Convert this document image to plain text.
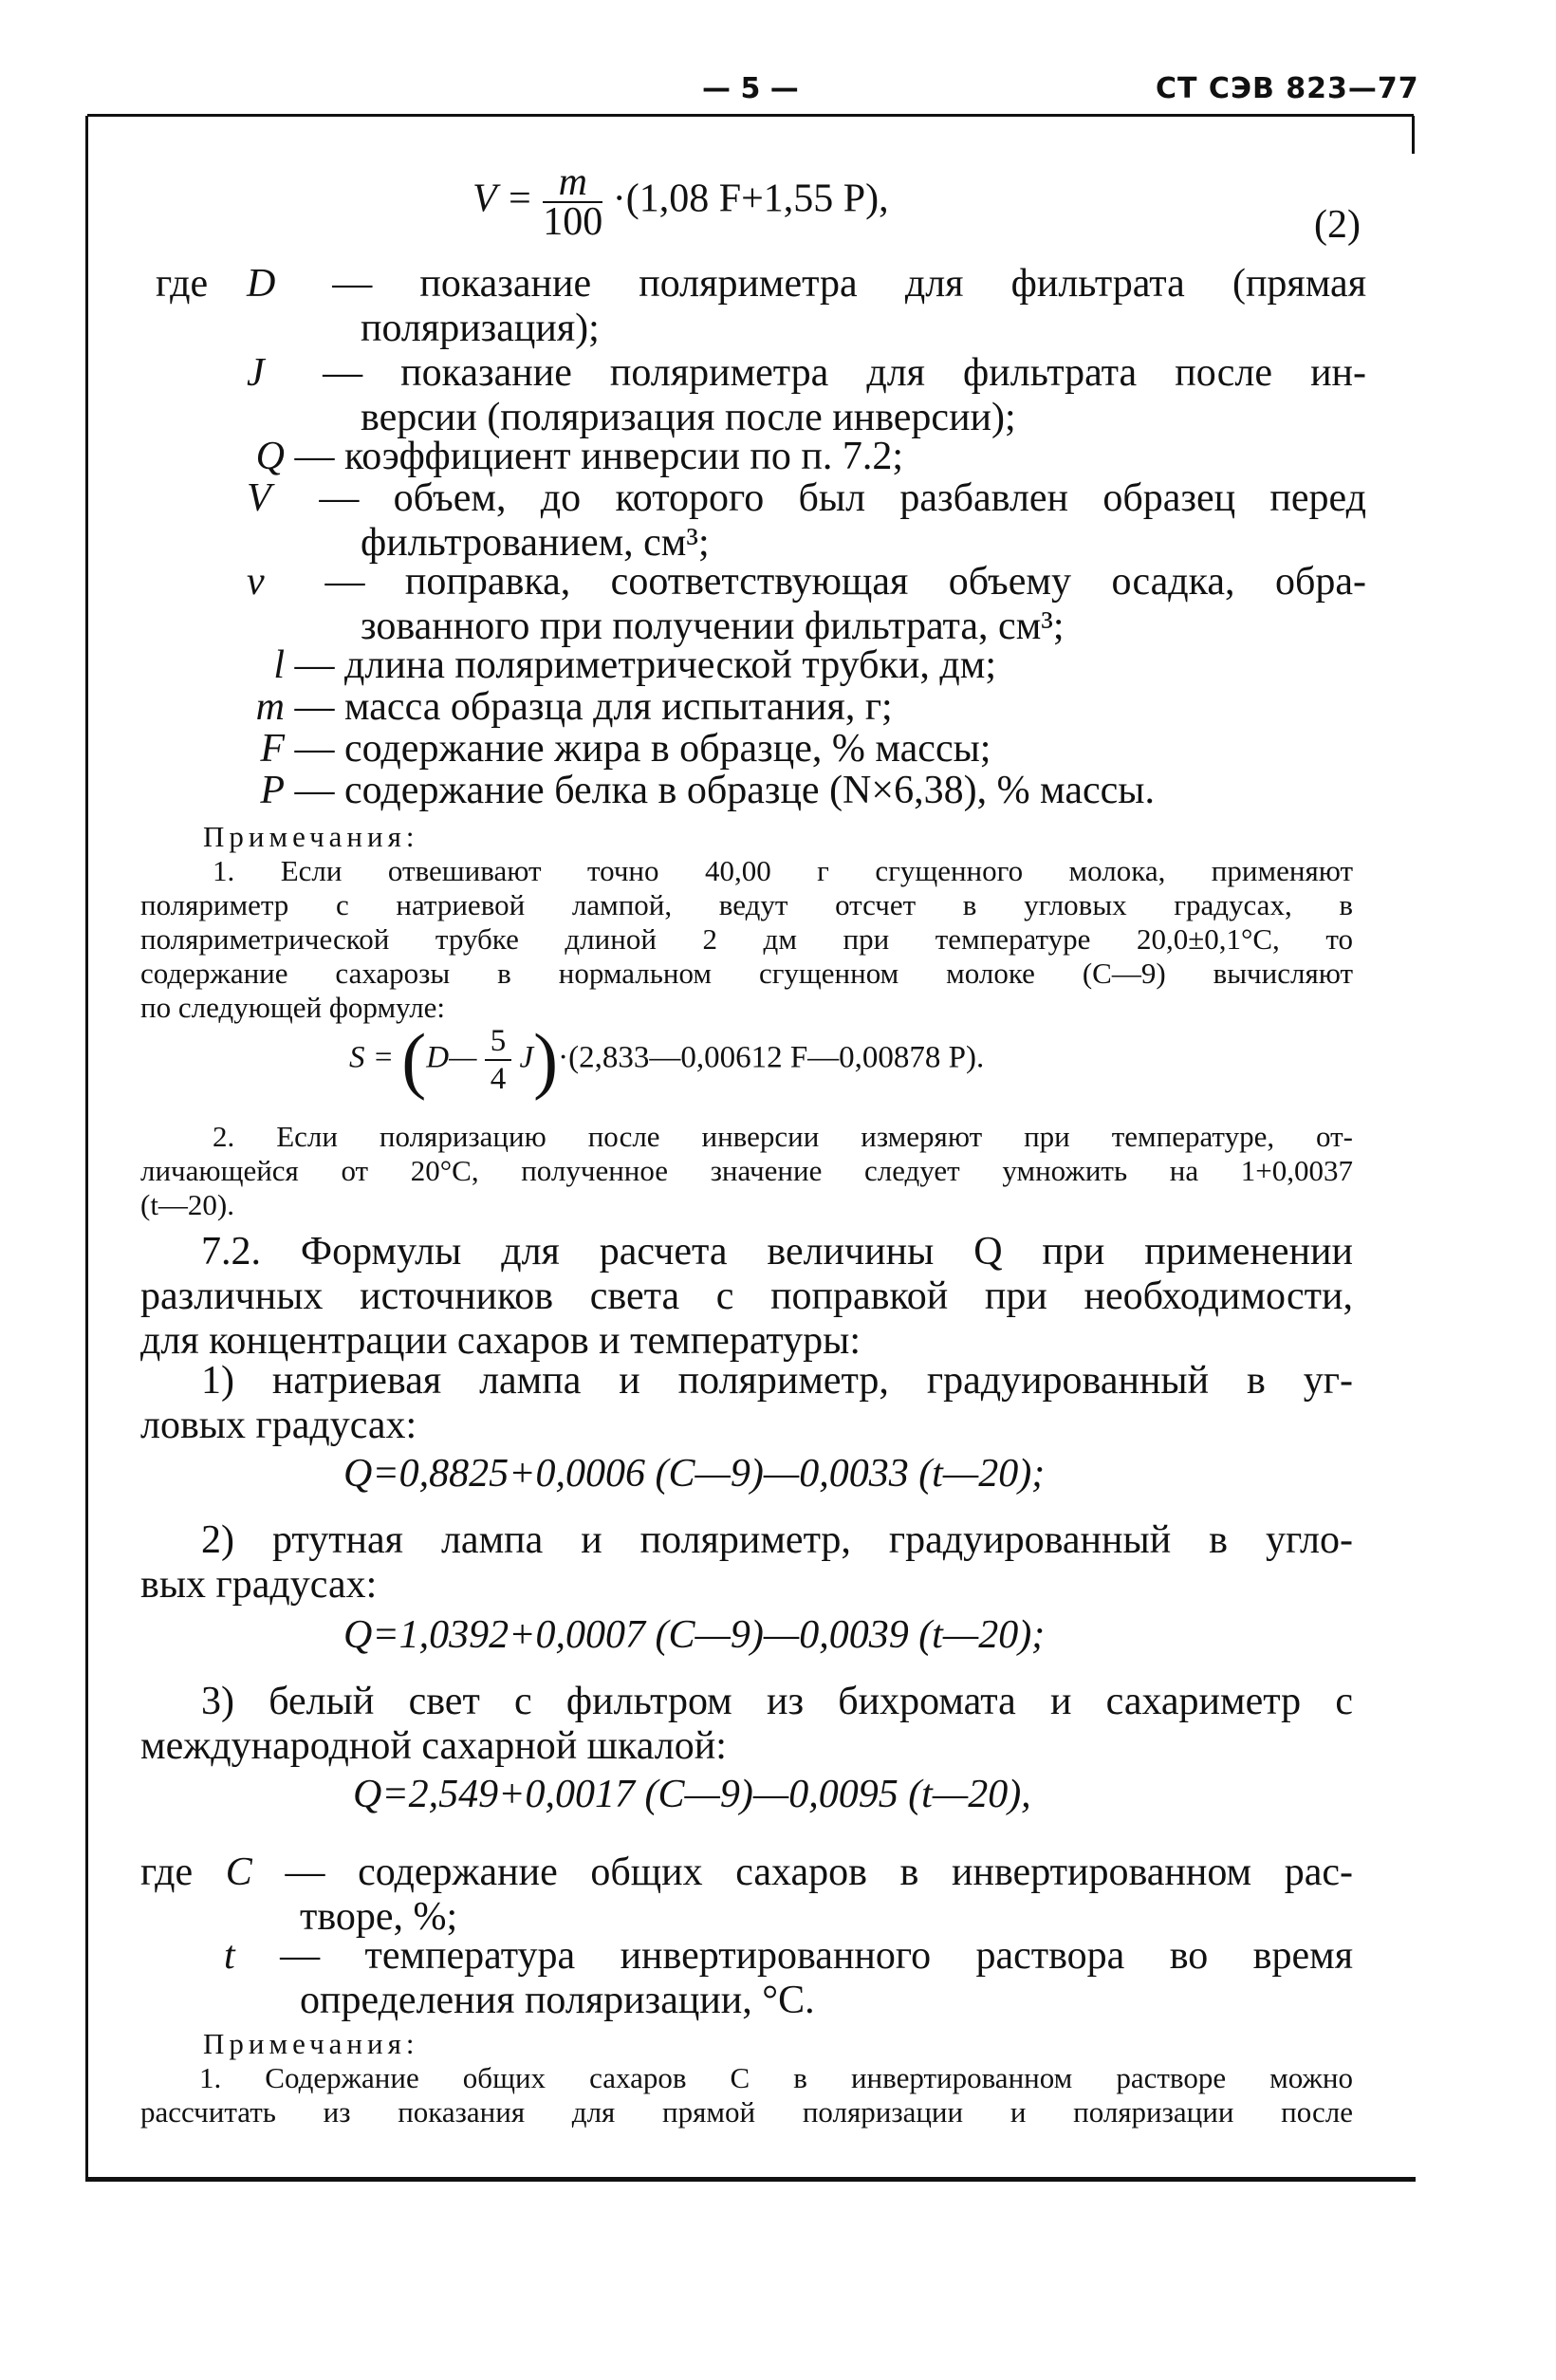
— 5 —	СТ СЭВ 823—77
$V = \frac{m}{100} \cdot(1,08$ F+1,55 P),
(2)
где D — показание поляриметра для фильтрата (прямая
поляризация);
J — показание поляриметра для фильтрата после ин-
версии (поляризация после инверсии);
Q — коэффициент инверсии по п. 7.2;
V — объем, до которого был разбавлен образец перед
фильтрованием, см³;
v — поправка, соответствующая объему осадка, обра-
зованного при получении фильтрата, см³;
l — длина поляриметрической трубки, дм;
m — масса образца для испытания, г;
F — содержание жира в образце, % массы;
P — содержание белка в образце (N×6,38), % массы.
Примечания:
1. Если отвешивают точно 40,00 г сгущенного молока, применяют
поляриметр с натриевой лампой, ведут отсчет в угловых градусах, в
поляриметрической трубке длиной 2 дм при температуре 20,0±0,1°С, то
содержание сахарозы в нормальном сгущенном молоке (С—9) вычисляют
по следующей формуле:
S = (D— $\frac{5}{4}$ J)·(2,833—0,00612 F—0,00878 P).
2. Если поляризацию после инверсии измеряют при температуре, от-
личающейся от 20°С, полученное значение следует умножить на 1+0,0037
(t—20).
7.2. Формулы для расчета величины Q при применении
различных источников света с поправкой при необходимости,
для концентрации сахаров и температуры:
1) натриевая лампа и поляриметр, градуированный в уг-
ловых градусах:
Q=0,8825+0,0006 (C—9)—0,0033 (t—20);
2) ртутная лампа и поляриметр, градуированный в углo-
вых градусах:
Q=1,0392+0,0007 (C—9)—0,0039 (t—20);
3) белый свет с фильтром из бихромата и сахариметр с
международной сахарной шкалой:
Q=2,549+0,0017 (C—9)—0,0095 (t—20),
где C — содержание общих сахаров в инвертированном рас-
творе, %;
t — температура инвертированного раствора во время
определения поляризации, °С.
Примечания:
1. Содержание общих сахаров С в инвертированном растворе можно
рассчитать из показания для прямой поляризации и поляризации после
